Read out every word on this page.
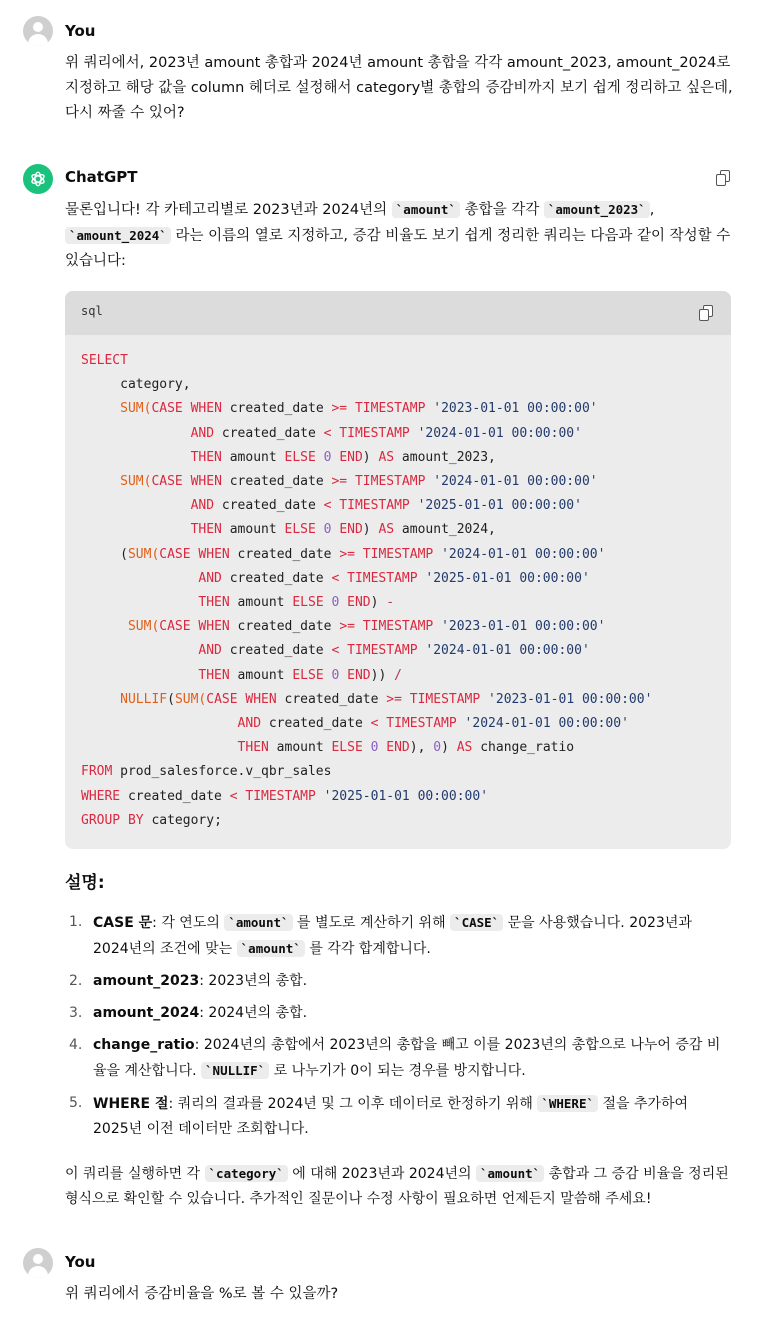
You
위 쿼리에서, 2023년 amount 총합과 2024년 amount 총합을 각각 amount_2023, amount_2024로 지정하고 해당 값을 column 헤더로 설정해서 category별 총합의 증감비까지 보기 쉽게 정리하고 싶은데, 다시 짜줄 수 있어?
ChatGPT
물론입니다! 각 카테고리별로 2023년과 2024년의 `amount` 총합을 각각 `amount_2023` , `amount_2024` 라는 이름의 열로 지정하고, 증감 비율도 보기 쉽게 정리한 쿼리는 다음과 같이 작성할 수 있습니다:
sql
SELECT
category,
SUM(CASE WHEN created_date >= TIMESTAMP '2023-01-01 00:00:00'
AND created_date < TIMESTAMP '2024-01-01 00:00:00'
THEN amount ELSE 0 END) AS amount_2023,
SUM(CASE WHEN created_date >= TIMESTAMP '2024-01-01 00:00:00'
AND created_date < TIMESTAMP '2025-01-01 00:00:00'
THEN amount ELSE 0 END) AS amount_2024,
(SUM(CASE WHEN created_date >= TIMESTAMP '2024-01-01 00:00:00'
AND created_date < TIMESTAMP '2025-01-01 00:00:00'
THEN amount ELSE 0 END) -
SUM(CASE WHEN created_date >= TIMESTAMP '2023-01-01 00:00:00'
AND created_date < TIMESTAMP '2024-01-01 00:00:00'
THEN amount ELSE 0 END)) /
NULLIF(SUM(CASE WHEN created_date >= TIMESTAMP '2023-01-01 00:00:00'
AND created_date < TIMESTAMP '2024-01-01 00:00:00'
THEN amount ELSE 0 END), 0) AS change_ratio
FROM prod_salesforce.v_qbr_sales
WHERE created_date < TIMESTAMP '2025-01-01 00:00:00'
GROUP BY category;
설명:
1. CASE 문: 각 연도의 `amount` 를 별도로 계산하기 위해 `CASE` 문을 사용했습니다. 2023년과 2024년의 조건에 맞는 `amount` 를 각각 합계합니다.
2. amount_2023: 2023년의 총합.
3. amount_2024: 2024년의 총합.
4. change_ratio: 2024년의 총합에서 2023년의 총합을 빼고 이를 2023년의 총합으로 나누어 증감 비율을 계산합니다. `NULLIF` 로 나누기가 0이 되는 경우를 방지합니다.
5. WHERE 절: 쿼리의 결과를 2024년 및 그 이후 데이터로 한정하기 위해 `WHERE` 절을 추가하여 2025년 이전 데이터만 조회합니다.
이 쿼리를 실행하면 각 `category` 에 대해 2023년과 2024년의 `amount` 총합과 그 증감 비율을 정리된 형식으로 확인할 수 있습니다. 추가적인 질문이나 수정 사항이 필요하면 언제든지 말씀해 주세요!
You
위 쿼리에서 증감비율을 %로 볼 수 있을까?
